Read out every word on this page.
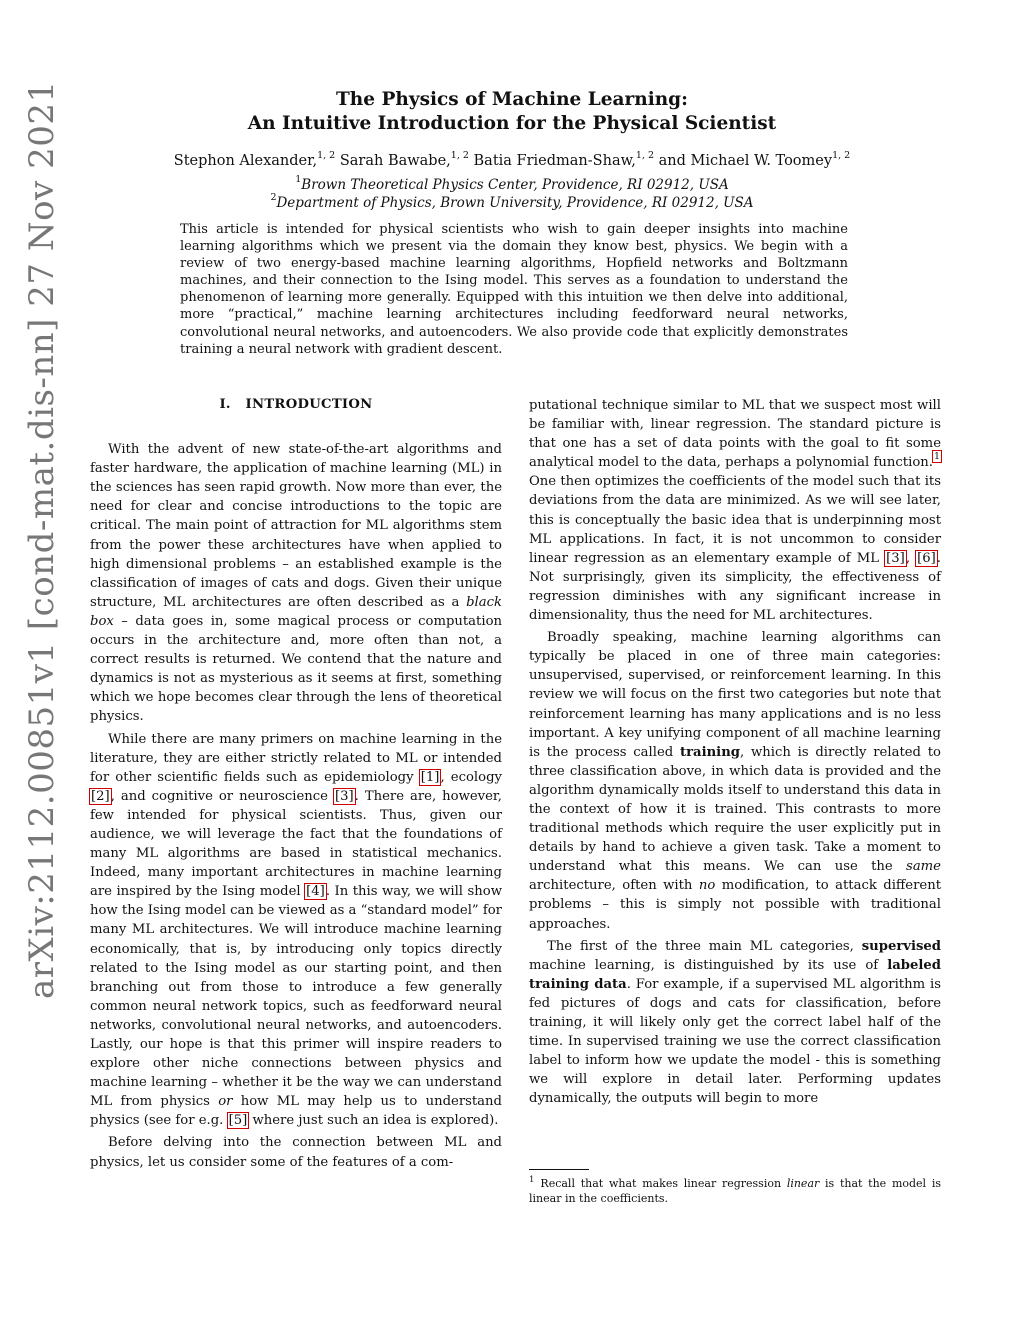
arXiv:2112.00851v1 [cond-mat.dis-nn] 27 Nov 2021	The Physics of Machine Learning:
An Intuitive Introduction for the Physical Scientist
Stephon Alexander,$^{1, 2}$ Sarah Bawabe,$^{1, 2}$ Batia Friedman-Shaw,$^{1, 2}$ and Michael W. Toomey$^{1, 2}$
$^1$Brown Theoretical Physics Center, Providence, RI 02912, USA
$^2$Department of Physics, Brown University, Providence, RI 02912, USA

This article is intended for physical scientists who wish to gain deeper insights into machine learning algorithms which we present via the domain they know best, physics. We begin with a review of two energy-based machine learning algorithms, Hopfield networks and Boltzmann machines, and their connection to the Ising model. This serves as a foundation to understand the phenomenon of learning more generally. Equipped with this intuition we then delve into additional, more “practical,” machine learning architectures including feedforward neural networks, convolutional neural networks, and autoencoders. We also provide code that explicitly demonstrates training a neural network with gradient descent.

I. INTRODUCTION

With the advent of new state-of-the-art algorithms and faster hardware, the application of machine learning (ML) in the sciences has seen rapid growth. Now more than ever, the need for clear and concise introductions to the topic are critical. The main point of attraction for ML algorithms stem from the power these architectures have when applied to high dimensional problems – an established example is the classification of images of cats and dogs. Given their unique structure, ML architectures are often described as a black box – data goes in, some magical process or computation occurs in the architecture and, more often than not, a correct results is returned. We contend that the nature and dynamics is not as mysterious as it seems at first, something which we hope becomes clear through the lens of theoretical physics.

While there are many primers on machine learning in the literature, they are either strictly related to ML or intended for other scientific fields such as epidemiology [1], ecology [2], and cognitive or neuroscience [3]. There are, however, few intended for physical scientists. Thus, given our audience, we will leverage the fact that the foundations of many ML algorithms are based in statistical mechanics. Indeed, many important architectures in machine learning are inspired by the Ising model [4]. In this way, we will show how the Ising model can be viewed as a “standard model” for many ML architectures. We will introduce machine learning economically, that is, by introducing only topics directly related to the Ising model as our starting point, and then branching out from those to introduce a few generally common neural network topics, such as feedforward neural networks, convolutional neural networks, and autoencoders. Lastly, our hope is that this primer will inspire readers to explore other niche connections between physics and machine learning – whether it be the way we can understand ML from physics or how ML may help us to understand physics (see for e.g. [5] where just such an idea is explored).

Before delving into the connection between ML and physics, let us consider some of the features of a com-

putational technique similar to ML that we suspect most will be familiar with, linear regression. The standard picture is that one has a set of data points with the goal to fit some analytical model to the data, perhaps a polynomial function.$^1$ One then optimizes the coefficients of the model such that its deviations from the data are minimized. As we will see later, this is conceptually the basic idea that is underpinning most ML applications. In fact, it is not uncommon to consider linear regression as an elementary example of ML [3], [6]. Not surprisingly, given its simplicity, the effectiveness of regression diminishes with any significant increase in dimensionality, thus the need for ML architectures.

Broadly speaking, machine learning algorithms can typically be placed in one of three main categories: unsupervised, supervised, or reinforcement learning. In this review we will focus on the first two categories but note that reinforcement learning has many applications and is no less important. A key unifying component of all machine learning is the process called training, which is directly related to three classification above, in which data is provided and the algorithm dynamically molds itself to understand this data in the context of how it is trained. This contrasts to more traditional methods which require the user explicitly put in details by hand to achieve a given task. Take a moment to understand what this means. We can use the same architecture, often with no modification, to attack different problems – this is simply not possible with traditional approaches.

The first of the three main ML categories, supervised machine learning, is distinguished by its use of labeled training data. For example, if a supervised ML algorithm is fed pictures of dogs and cats for classification, before training, it will likely only get the correct label half of the time. In supervised training we use the correct classification label to inform how we update the model - this is something we will explore in detail later. Performing updates dynamically, the outputs will begin to more

$^1$ Recall that what makes linear regression linear is that the model is linear in the coefficients.
